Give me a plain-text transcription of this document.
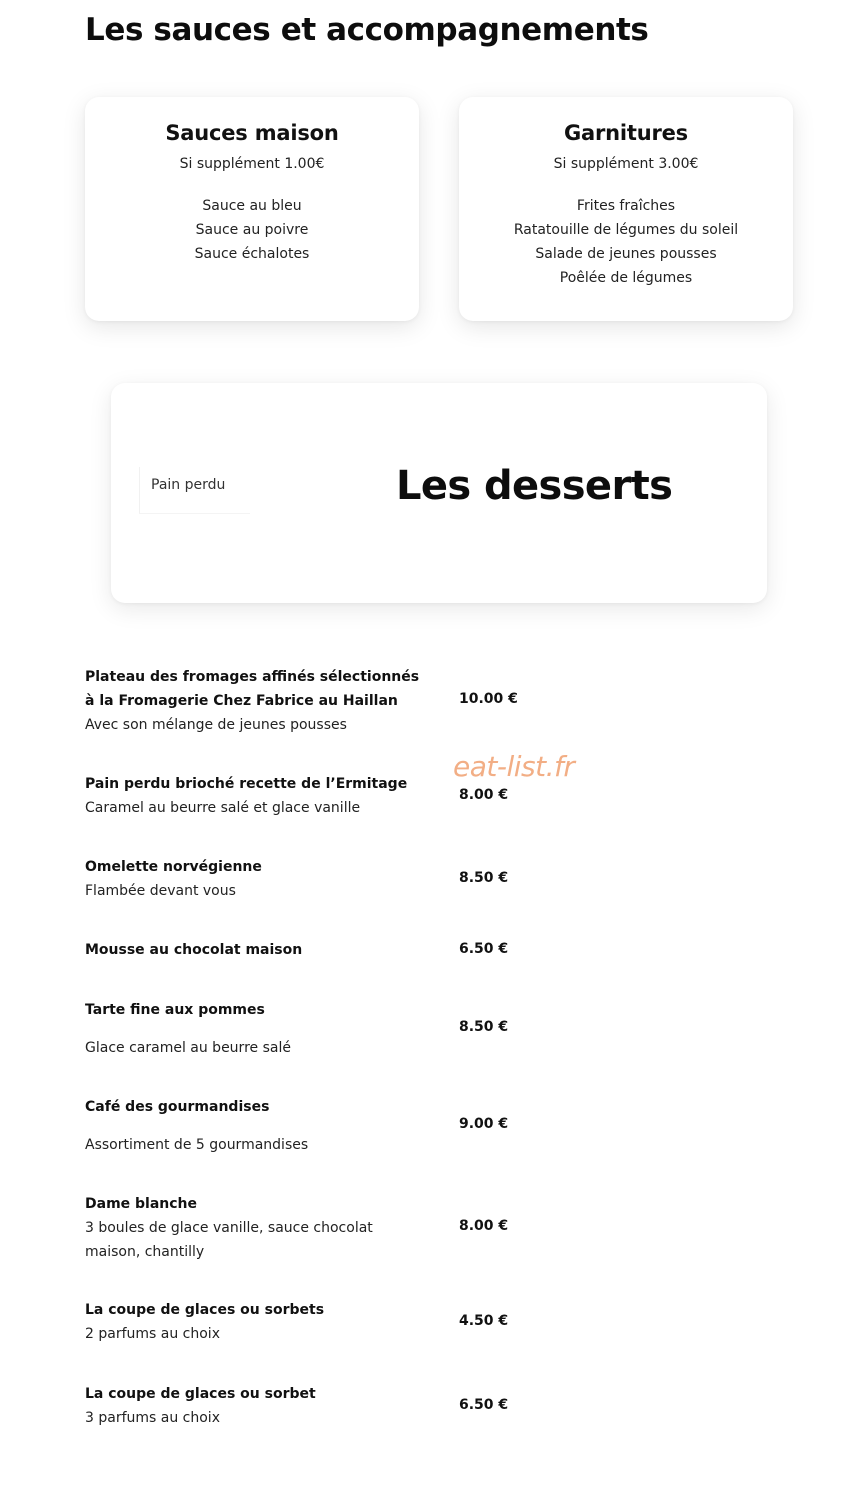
Les sauces et accompagnements
Sauces maison
Si supplément 1.00€
Sauce au bleu
Sauce au poivre
Sauce échalotes
Garnitures
Si supplément 3.00€
Frites fraîches
Ratatouille de légumes du soleil
Salade de jeunes pousses
Poêlée de légumes
Pain perdu	Les desserts
Plateau des fromages affinés sélectionnés à la Fromagerie Chez Fabrice au Haillan
Avec son mélange de jeunes pousses
10.00 €
Pain perdu brioché recette de l’Ermitage
Caramel au beurre salé et glace vanille
8.00 €
Omelette norvégienne
Flambée devant vous
8.50 €
Mousse au chocolat maison	6.50 €
Tarte fine aux pommes
Glace caramel au beurre salé
8.50 €
Café des gourmandises
Assortiment de 5 gourmandises
9.00 €
Dame blanche
3 boules de glace vanille, sauce chocolat maison, chantilly
8.00 €
La coupe de glaces ou sorbets
2 parfums au choix
4.50 €
La coupe de glaces ou sorbet
3 parfums au choix
6.50 €
eat-list.fr
